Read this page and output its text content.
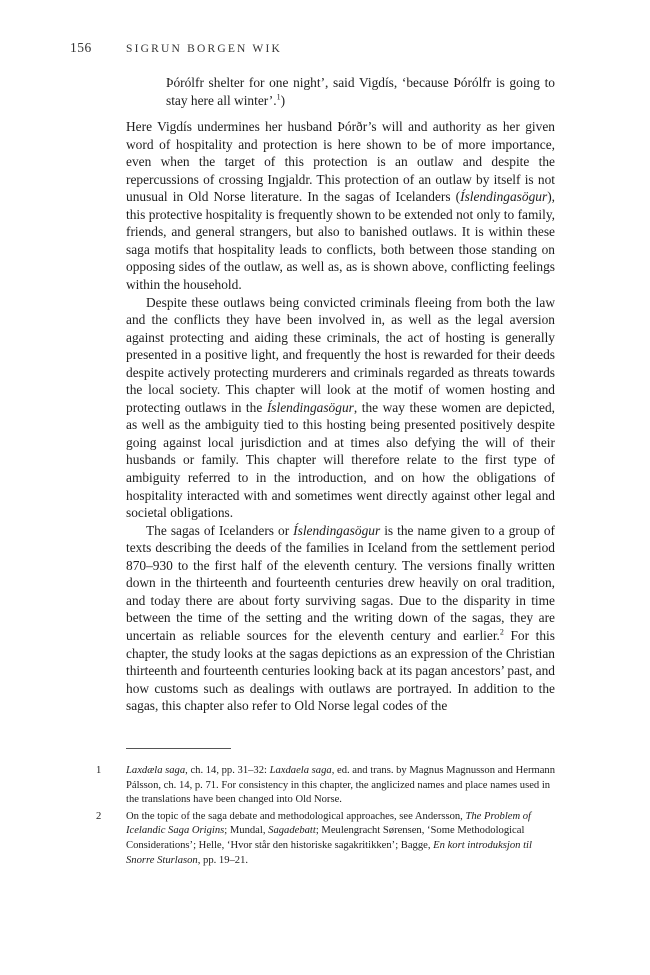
156	SIGRUN BORGEN WIK
Þórólfr shelter for one night’, said Vigdís, ‘because Þórólfr is going to stay here all winter’.$^1$)

Here Vigdís undermines her husband Þórðr’s will and authority as her given word of hospitality and protection is here shown to be of more importance, even when the target of this protection is an outlaw and despite the repercussions of crossing Ingjaldr. This protection of an outlaw by itself is not unusual in Old Norse literature. In the sagas of Icelanders (Íslendingasögur), this protective hospitality is frequently shown to be extended not only to family, friends, and general strangers, but also to banished outlaws. It is within these saga motifs that hospitality leads to conflicts, both between those standing on opposing sides of the outlaw, as well as, as is shown above, conflicting feelings within the household.

Despite these outlaws being convicted criminals fleeing from both the law and the conflicts they have been involved in, as well as the legal aversion against protecting and aiding these criminals, the act of hosting is generally presented in a positive light, and frequently the host is rewarded for their deeds despite actively protecting murderers and criminals regarded as threats towards the local society. This chapter will look at the motif of women hosting and protecting outlaws in the Íslendingasögur, the way these women are depicted, as well as the ambiguity tied to this hosting being presented positively despite going against local jurisdiction and at times also defying the will of their husbands or family. This chapter will therefore relate to the first type of ambiguity referred to in the introduction, and on how the obligations of hospitality interacted with and sometimes went directly against other legal and societal obligations.

The sagas of Icelanders or Íslendingasögur is the name given to a group of texts describing the deeds of the families in Iceland from the settlement period 870–930 to the first half of the eleventh century. The versions finally written down in the thirteenth and fourteenth centuries drew heavily on oral tradition, and today there are about forty surviving sagas. Due to the disparity in time between the time of the setting and the writing down of the sagas, they are uncertain as reliable sources for the eleventh century and earlier.$^2$ For this chapter, the study looks at the sagas depictions as an expression of the Christian thirteenth and fourteenth centuries looking back at its pagan ancestors’ past, and how customs such as dealings with outlaws are portrayed. In addition to the sagas, this chapter also refer to Old Norse legal codes of the

1	Laxdæla saga, ch. 14, pp. 31–32: Laxdaela saga, ed. and trans. by Magnus Magnusson and Hermann Pálsson, ch. 14, p. 71. For consistency in this chapter, the anglicized names and place names used in the translations have been changed into Old Norse.
2	On the topic of the saga debate and methodological approaches, see Andersson, The Problem of Icelandic Saga Origins; Mundal, Sagadebatt; Meulengracht Sørensen, ‘Some Methodological Considerations’; Helle, ‘Hvor står den historiske sagakritikken’; Bagge, En kort introduksjon til Snorre Sturlason, pp. 19–21.
